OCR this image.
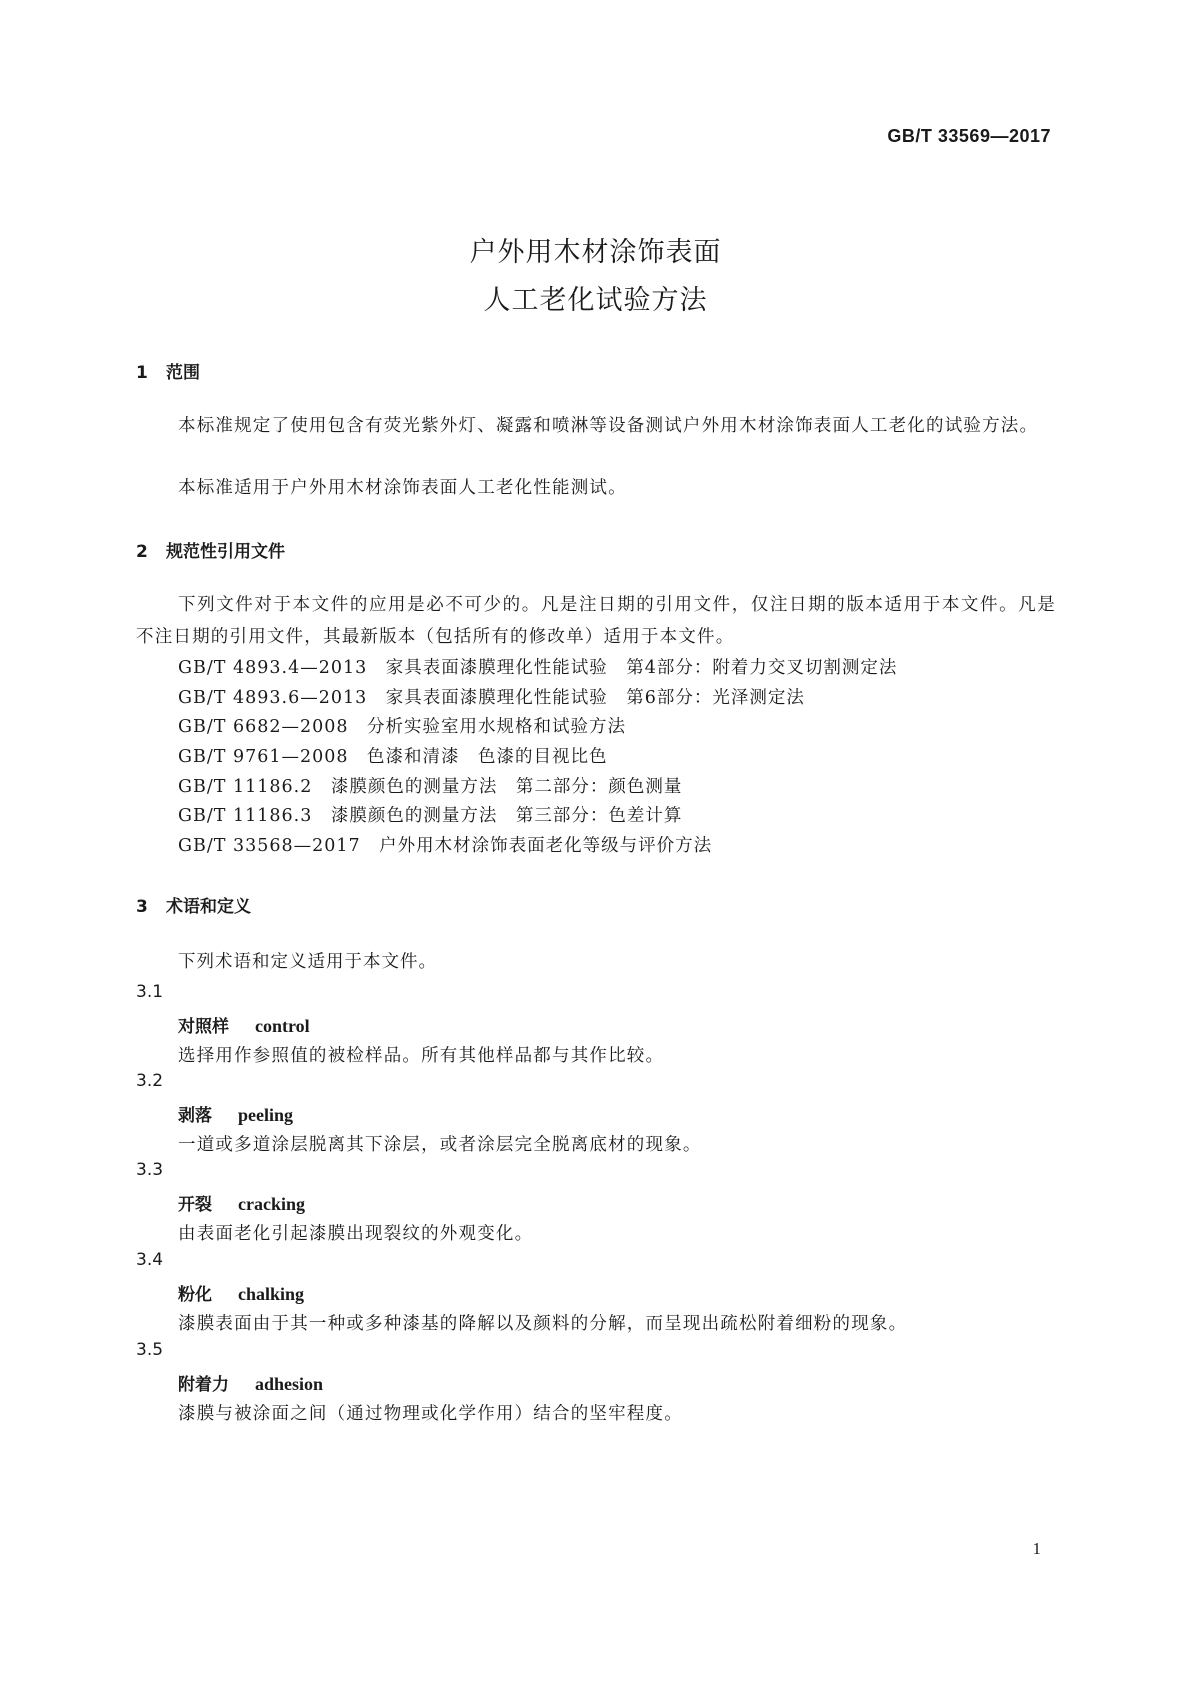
GB/T 33569—2017
户外用木材涂饰表面
人工老化试验方法
1 范围
本标准规定了使用包含有荧光紫外灯、凝露和喷淋等设备测试户外用木材涂饰表面人工老化的试验方法。
本标准适用于户外用木材涂饰表面人工老化性能测试。
2 规范性引用文件
下列文件对于本文件的应用是必不可少的。凡是注日期的引用文件，仅注日期的版本适用于本文件。凡是不注日期的引用文件，其最新版本（包括所有的修改单）适用于本文件。
GB/T 4893.4—2013　家具表面漆膜理化性能试验　第4部分：附着力交叉切割测定法
GB/T 4893.6—2013　家具表面漆膜理化性能试验　第6部分：光泽测定法
GB/T 6682—2008　分析实验室用水规格和试验方法
GB/T 9761—2008　色漆和清漆　色漆的目视比色
GB/T 11186.2　漆膜颜色的测量方法　第二部分：颜色测量
GB/T 11186.3　漆膜颜色的测量方法　第三部分：色差计算
GB/T 33568—2017　户外用木材涂饰表面老化等级与评价方法
3 术语和定义
下列术语和定义适用于本文件。
3.1
对照样 control
选择用作参照值的被检样品。所有其他样品都与其作比较。
3.2
剥落 peeling
一道或多道涂层脱离其下涂层，或者涂层完全脱离底材的现象。
3.3
开裂 cracking
由表面老化引起漆膜出现裂纹的外观变化。
3.4
粉化 chalking
漆膜表面由于其一种或多种漆基的降解以及颜料的分解，而呈现出疏松附着细粉的现象。
3.5
附着力 adhesion
漆膜与被涂面之间（通过物理或化学作用）结合的坚牢程度。
1
